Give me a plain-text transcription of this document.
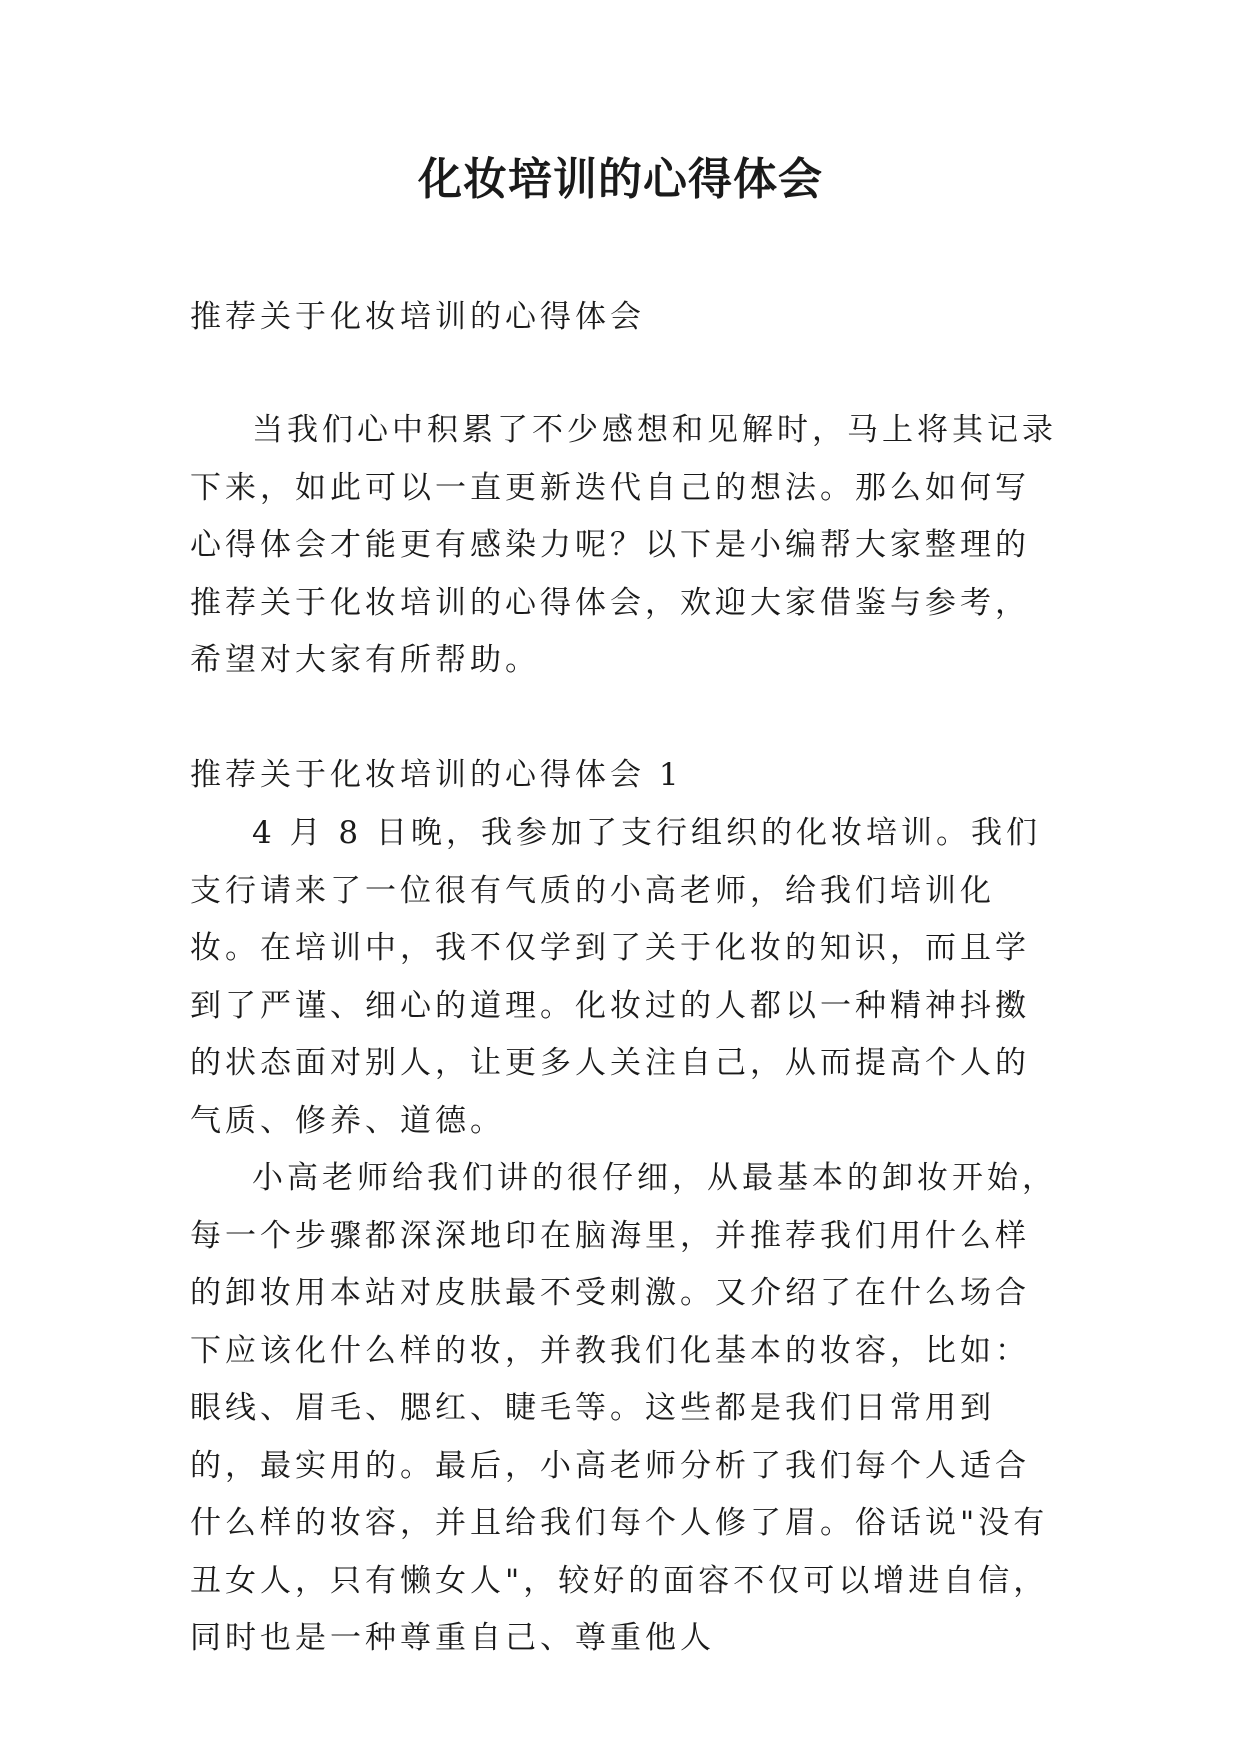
化妆培训的心得体会
推荐关于化妆培训的心得体会

当我们心中积累了不少感想和见解时，马上将其记录下来，如此可以一直更新迭代自己的想法。那么如何写心得体会才能更有感染力呢？以下是小编帮大家整理的推荐关于化妆培训的心得体会，欢迎大家借鉴与参考，希望对大家有所帮助。

推荐关于化妆培训的心得体会 1

4 月 8 日晚，我参加了支行组织的化妆培训。我们支行请来了一位很有气质的小高老师，给我们培训化妆。在培训中，我不仅学到了关于化妆的知识，而且学到了严谨、细心的道理。化妆过的人都以一种精神抖擞的状态面对别人，让更多人关注自己，从而提高个人的气质、修养、道德。

小高老师给我们讲的很仔细，从最基本的卸妆开始，每一个步骤都深深地印在脑海里，并推荐我们用什么样的卸妆用本站对皮肤最不受刺激。又介绍了在什么场合下应该化什么样的妆，并教我们化基本的妆容，比如：眼线、眉毛、腮红、睫毛等。这些都是我们日常用到的，最实用的。最后，小高老师分析了我们每个人适合什么样的妆容，并且给我们每个人修了眉。俗话说"没有丑女人，只有懒女人"，较好的面容不仅可以增进自信，同时也是一种尊重自己、尊重他人
